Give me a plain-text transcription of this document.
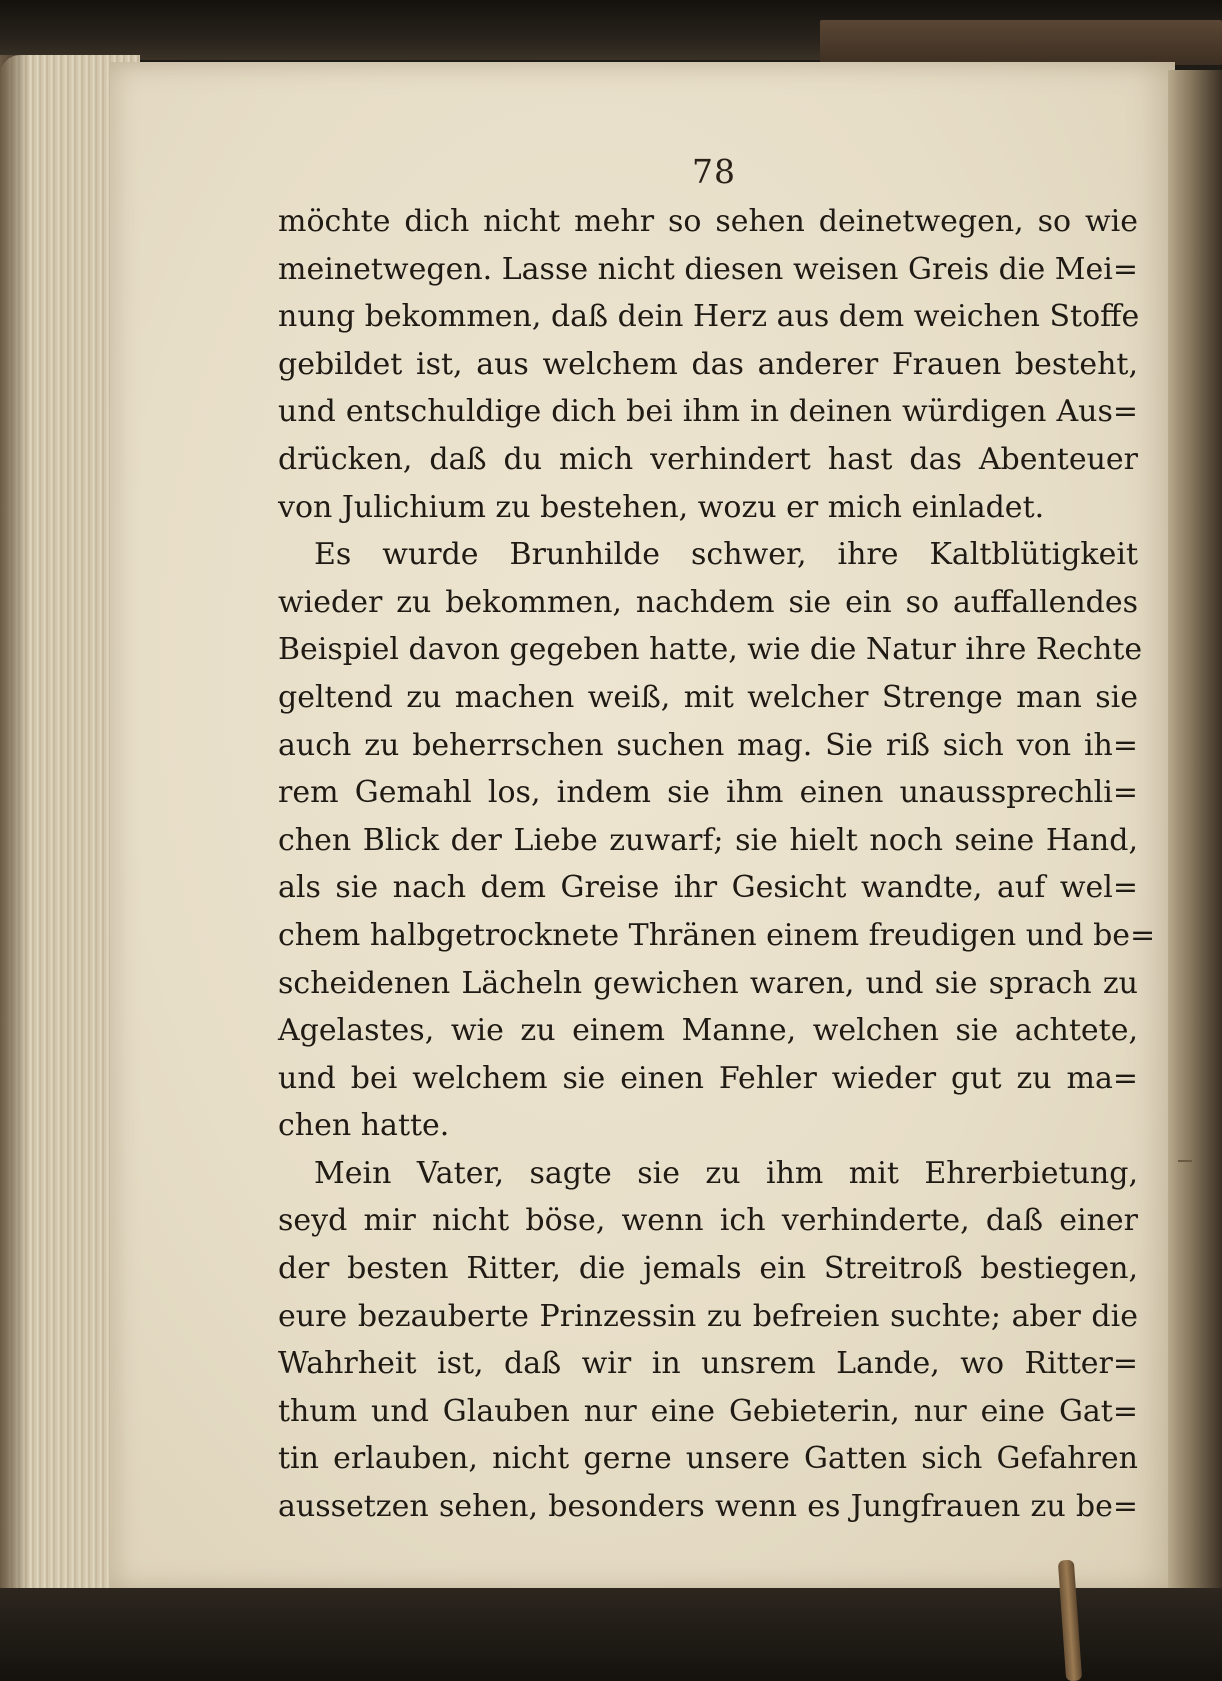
78
möchte dich nicht mehr so sehen deinetwegen, so wie
meinetwegen. Lasse nicht diesen weisen Greis die Mei=
nung bekommen, daß dein Herz aus dem weichen Stoffe
gebildet ist, aus welchem das anderer Frauen besteht,
und entschuldige dich bei ihm in deinen würdigen Aus=
drücken, daß du mich verhindert hast das Abenteuer
von Julichium zu bestehen, wozu er mich einladet.
Es wurde Brunhilde schwer, ihre Kaltblütigkeit
wieder zu bekommen, nachdem sie ein so auffallendes
Beispiel davon gegeben hatte, wie die Natur ihre Rechte
geltend zu machen weiß, mit welcher Strenge man sie
auch zu beherrschen suchen mag. Sie riß sich von ih=
rem Gemahl los, indem sie ihm einen unaussprechli=
chen Blick der Liebe zuwarf; sie hielt noch seine Hand,
als sie nach dem Greise ihr Gesicht wandte, auf wel=
chem halbgetrocknete Thränen einem freudigen und be=
scheidenen Lächeln gewichen waren, und sie sprach zu
Agelastes, wie zu einem Manne, welchen sie achtete,
und bei welchem sie einen Fehler wieder gut zu ma=
chen hatte.
Mein Vater, sagte sie zu ihm mit Ehrerbietung,
seyd mir nicht böse, wenn ich verhinderte, daß einer
der besten Ritter, die jemals ein Streitroß bestiegen,
eure bezauberte Prinzessin zu befreien suchte; aber die
Wahrheit ist, daß wir in unsrem Lande, wo Ritter=
thum und Glauben nur eine Gebieterin, nur eine Gat=
tin erlauben, nicht gerne unsere Gatten sich Gefahren
aussetzen sehen, besonders wenn es Jungfrauen zu be=
